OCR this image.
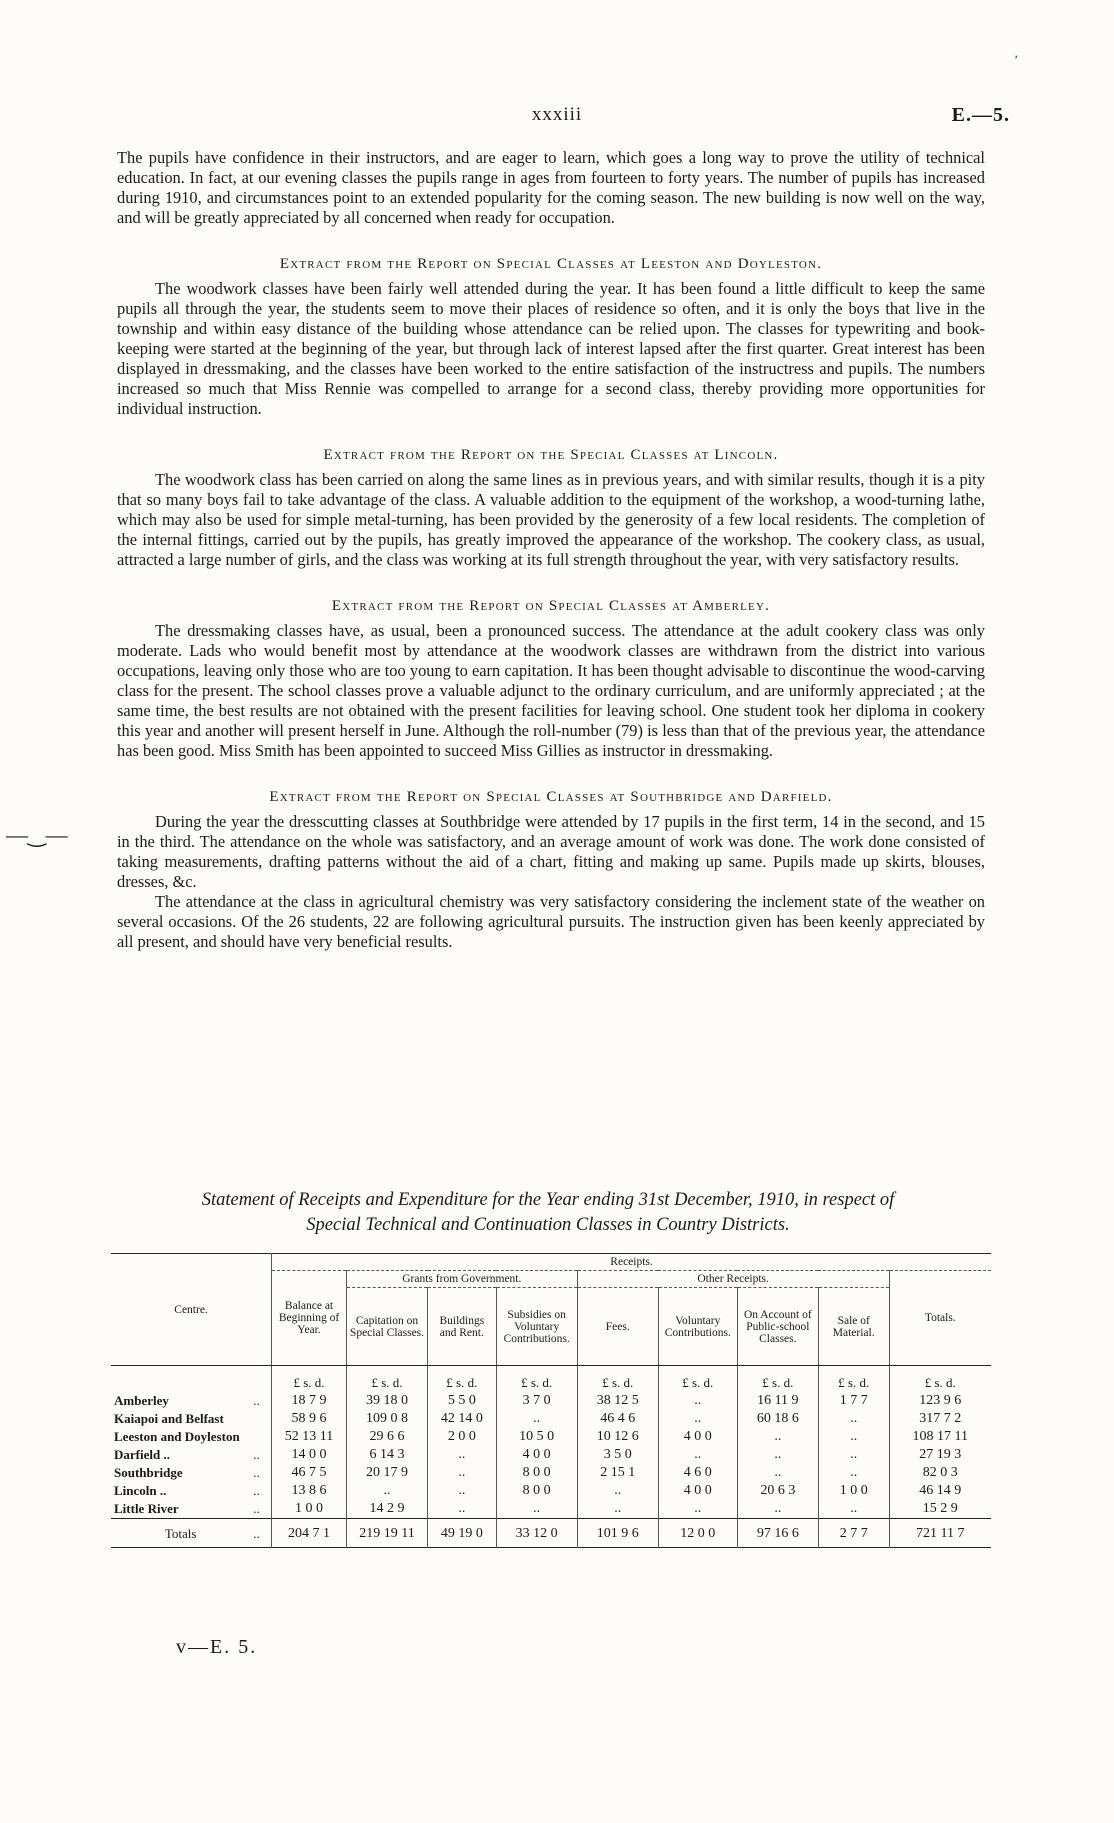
,
xxxiii	E.—5.
—‿—

The pupils have confidence in their instructors, and are eager to learn, which goes a long way to prove the utility of technical education. In fact, at our evening classes the pupils range in ages from fourteen to forty years. The number of pupils has increased during 1910, and circumstances point to an extended popularity for the coming season. The new building is now well on the way, and will be greatly appreciated by all concerned when ready for occupation.

Extract from the Report on Special Classes at Leeston and Doyleston.

The woodwork classes have been fairly well attended during the year. It has been found a little difficult to keep the same pupils all through the year, the students seem to move their places of residence so often, and it is only the boys that live in the township and within easy distance of the building whose attendance can be relied upon. The classes for typewriting and book-keeping were started at the beginning of the year, but through lack of interest lapsed after the first quarter. Great interest has been displayed in dressmaking, and the classes have been worked to the entire satisfaction of the instructress and pupils. The numbers increased so much that Miss Rennie was compelled to arrange for a second class, thereby providing more opportunities for individual instruction.

Extract from the Report on the Special Classes at Lincoln.

The woodwork class has been carried on along the same lines as in previous years, and with similar results, though it is a pity that so many boys fail to take advantage of the class. A valuable addition to the equipment of the workshop, a wood-turning lathe, which may also be used for simple metal-turning, has been provided by the generosity of a few local residents. The completion of the internal fittings, carried out by the pupils, has greatly improved the appearance of the workshop. The cookery class, as usual, attracted a large number of girls, and the class was working at its full strength throughout the year, with very satisfactory results.

Extract from the Report on Special Classes at Amberley.

The dressmaking classes have, as usual, been a pronounced success. The attendance at the adult cookery class was only moderate. Lads who would benefit most by attendance at the woodwork classes are withdrawn from the district into various occupations, leaving only those who are too young to earn capitation. It has been thought advisable to discontinue the wood-carving class for the present. The school classes prove a valuable adjunct to the ordinary curriculum, and are uniformly appreciated ; at the same time, the best results are not obtained with the present facilities for leaving school. One student took her diploma in cookery this year and another will present herself in June. Although the roll-number (79) is less than that of the previous year, the attendance has been good. Miss Smith has been appointed to succeed Miss Gillies as instructor in dressmaking.

Extract from the Report on Special Classes at Southbridge and Darfield.

During the year the dresscutting classes at Southbridge were attended by 17 pupils in the first term, 14 in the second, and 15 in the third. The attendance on the whole was satisfactory, and an average amount of work was done. The work done consisted of taking measurements, drafting patterns without the aid of a chart, fitting and making up same. Pupils made up skirts, blouses, dresses, &c.

The attendance at the class in agricultural chemistry was very satisfactory considering the inclement state of the weather on several occasions. Of the 26 students, 22 are following agricultural pursuits. The instruction given has been keenly appreciated by all present, and should have very beneficial results.

Statement of Receipts and Expenditure for the Year ending 31st December, 1910, in respect of
Special Technical and Continuation Classes in Country Districts.
Centre.		Receipts.								
		Balance at Beginning of Year.	Grants from Government.			Other Receipts.				Totals.
			Capitation on Special Classes.	Buildings and Rent.	Subsidies on Voluntary Contributions.	Fees.	Voluntary Contributions.	On Account of Public-school Classes.	Sale of Material.	
		£ s. d.	£ s. d.	£ s. d.	£ s. d.	£ s. d.	£ s. d.	£ s. d.	£ s. d.	£ s. d.
Amberley	..	18 7 9	39 18 0	5 5 0	3 7 0	38 12 5	..	16 11 9	1 7 7	123 9 6
Kaiapoi and Belfast		58 9 6	109 0 8	42 14 0	..	46 4 6	..	60 18 6	..	317 7 2
Leeston and Doyleston		52 13 11	29 6 6	2 0 0	10 5 0	10 12 6	4 0 0	..	..	108 17 11
Darfield ..	..	14 0 0	6 14 3	..	4 0 0	3 5 0	..	..	..	27 19 3
Southbridge	..	46 7 5	20 17 9	..	8 0 0	2 15 1	4 6 0	..	..	82 0 3
Lincoln ..	..	13 8 6	..	..	8 0 0	..	4 0 0	20 6 3	1 0 0	46 14 9
Little River	..	1 0 0	14 2 9	..	..	..	..	..	..	15 2 9
Totals	..	204 7 1	219 19 11	49 19 0	33 12 0	101 9 6	12 0 0	97 16 6	2 7 7	721 11 7
v—E. 5.
